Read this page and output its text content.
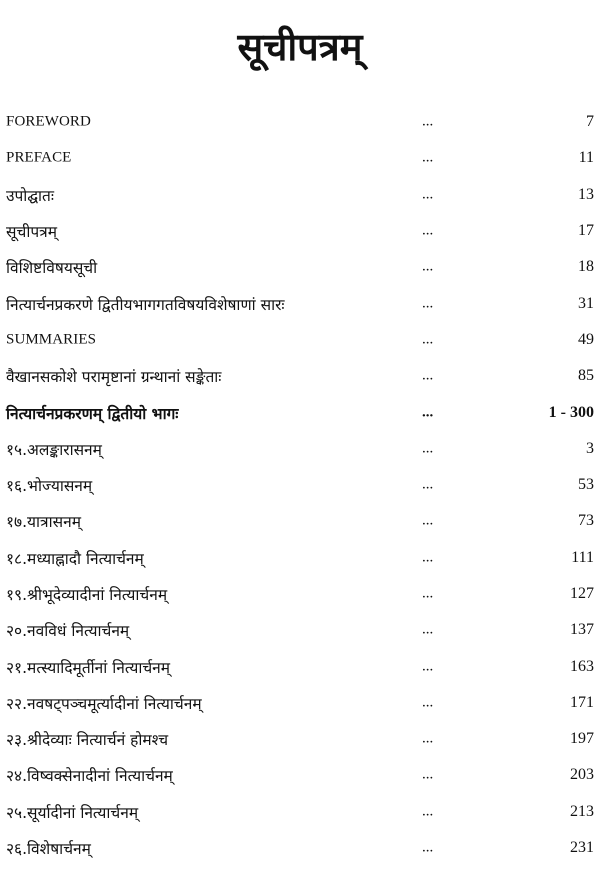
सूचीपत्रम्
FOREWORD	...	7
PREFACE	...	11
उपोद्घातः	...	13
सूचीपत्रम्	...	17
विशिष्टविषयसूची	...	18
नित्यार्चनप्रकरणे द्वितीयभागगतविषयविशेषाणां सारः	...	31
SUMMARIES	...	49
वैखानसकोशे परामृष्टानां ग्रन्थानां सङ्केताः	...	85
नित्यार्चनप्रकरणम् द्वितीयो भागः	...	1 - 300
१५.अलङ्कारासनम्	...	3
१६.भोज्यासनम्	...	53
१७.यात्रासनम्	...	73
१८.मध्याह्नादौ नित्यार्चनम्	...	111
१९.श्रीभूदेव्यादीनां नित्यार्चनम्	...	127
२०.नवविधं नित्यार्चनम्	...	137
२१.मत्स्यादिमूर्तीनां नित्यार्चनम्	...	163
२२.नवषट्पञ्चमूर्त्यादीनां नित्यार्चनम्	...	171
२३.श्रीदेव्याः नित्यार्चनं होमश्च	...	197
२४.विष्वक्सेनादीनां नित्यार्चनम्	...	203
२५.सूर्यादीनां नित्यार्चनम्	...	213
२६.विशेषार्चनम्	...	231
